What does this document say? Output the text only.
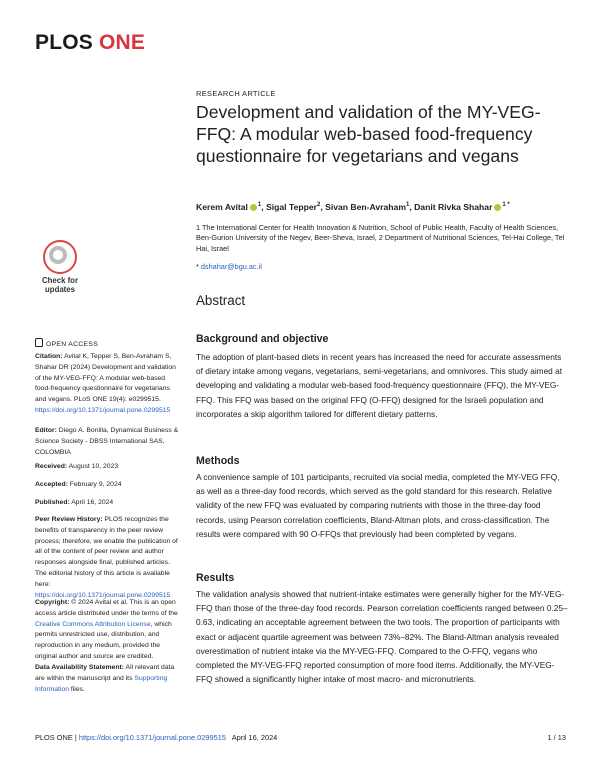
PLOS ONE
RESEARCH ARTICLE
Development and validation of the MY-VEG-FFQ: A modular web-based food-frequency questionnaire for vegetarians and vegans
Kerem Avital $^1$, Sigal Tepper$^2$, Sivan Ben-Avraham$^1$, Danit Rivka Shahar $^{1 *}$
1 The International Center for Health Innovation & Nutrition, School of Public Health, Faculty of Health Sciences, Ben-Gurion University of the Negev, Beer-Sheva, Israel, 2 Department of Nutritional Sciences, Tel-Hai College, Tel Hai, Israel
* dshahar@bgu.ac.il
Check for
updates
OPEN ACCESS

Citation: Avital K, Tepper S, Ben-Avraham S, Shahar DR (2024) Development and validation of the MY-VEG-FFQ: A modular web-based food-frequency questionnaire for vegetarians and vegans. PLoS ONE 19(4): e0299515. https://doi.org/10.1371/journal.pone.0299515

Editor: Diego A. Bonilla, Dynamical Business & Science Society - DBSS International SAS, COLOMBIA

Received: August 10, 2023

Accepted: February 9, 2024

Published: April 16, 2024

Peer Review History: PLOS recognizes the benefits of transparency in the peer review process; therefore, we enable the publication of all of the content of peer review and author responses alongside final, published articles. The editorial history of this article is available here: https://doi.org/10.1371/journal.pone.0299515

Copyright: © 2024 Avital et al. This is an open access article distributed under the terms of the Creative Commons Attribution License, which permits unrestricted use, distribution, and reproduction in any medium, provided the original author and source are credited.

Data Availability Statement: All relevant data are within the manuscript and its Supporting Information files.

Abstract
Background and objective

The adoption of plant-based diets in recent years has increased the need for accurate assessments of dietary intake among vegans, vegetarians, semi-vegetarians, and omnivores. This study aimed at developing and validating a modular web-based food-frequency questionnaire (FFQ), the MY-VEG-FFQ. This FFQ was based on the original FFQ (O-FFQ) designed for the Israeli population and incorporates a skip algorithm tailored for different dietary patterns.

Methods

A convenience sample of 101 participants, recruited via social media, completed the MY-VEG FFQ, as well as a three-day food records, which served as the gold standard for this research. Relative validity of the new FFQ was evaluated by comparing nutrients with those in the three-day food records, using Pearson correlation coefficients, Bland-Altman plots, and cross-classification. The results were compared with 90 O-FFQs that previously had been completed by vegans.

Results

The validation analysis showed that nutrient-intake estimates were generally higher for the MY-VEG-FFQ than those of the three-day food records. Pearson correlation coefficients ranged between 0.25–0.63, indicating an acceptable agreement between the two tools. The proportion of participants with exact or adjacent quartile agreement was between 73%–82%. The Bland-Altman analysis revealed overestimation of nutrient intake via the MY-VEG-FFQ. Compared to the O-FFQ, vegans who completed the MY-VEG-FFQ reported consumption of more food items. Additionally, the MY-VEG-FFQ showed a significantly higher intake of most macro- and micronutrients.

PLOS ONE | https://doi.org/10.1371/journal.pone.0299515   April 16, 2024	1 / 13
